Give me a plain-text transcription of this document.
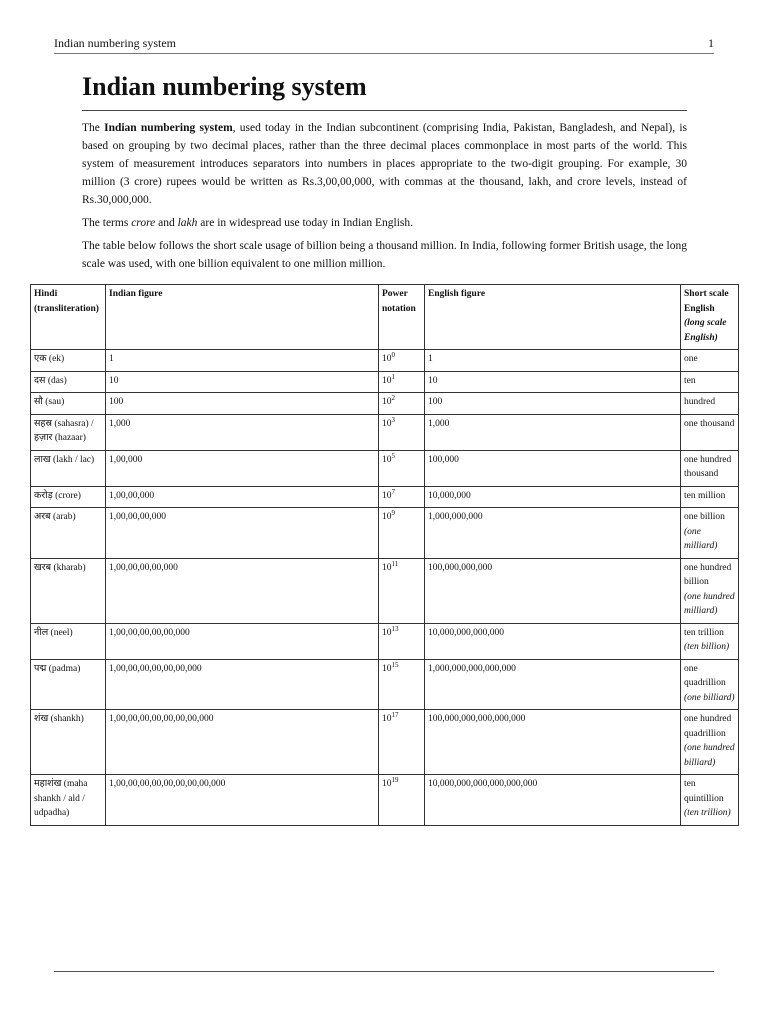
Indian numbering system	1
Indian numbering system

The Indian numbering system, used today in the Indian subcontinent (comprising India, Pakistan, Bangladesh, and Nepal), is based on grouping by two decimal places, rather than the three decimal places commonplace in most parts of the world. This system of measurement introduces separators into numbers in places appropriate to the two-digit grouping. For example, 30 million (3 crore) rupees would be written as Rs.3,00,00,000, with commas at the thousand, lakh, and crore levels, instead of Rs.30,000,000.

The terms crore and lakh are in widespread use today in Indian English.

The table below follows the short scale usage of billion being a thousand million. In India, following former British usage, the long scale was used, with one billion equivalent to one million million.

Hindi (transliteration)	Indian figure	Power notation	English figure	Short scale English
(long scale English)
एक (ek)	1	$10^0$	1	one
दस (das)	10	$10^1$	10	ten
सौ (sau)	100	$10^2$	100	hundred
सहस्र (sahasra) / हज़ार (hazaar)	1,000	$10^3$	1,000	one thousand
लाख (lakh / lac)	1,00,000	$10^5$	100,000	one hundred thousand
करोड़ (crore)	1,00,00,000	$10^7$	10,000,000	ten million
अरब (arab)	1,00,00,00,000	$10^9$	1,000,000,000	one billion
(one milliard)
खरब (kharab)	1,00,00,00,00,000	$10^{11}$	100,000,000,000	one hundred billion
(one hundred milliard)
नील (neel)	1,00,00,00,00,00,000	$10^{13}$	10,000,000,000,000	ten trillion
(ten billion)
पद्म (padma)	1,00,00,00,00,00,00,000	$10^{15}$	1,000,000,000,000,000	one quadrillion
(one billiard)
शंख (shankh)	1,00,00,00,00,00,00,00,000	$10^{17}$	100,000,000,000,000,000	one hundred quadrillion
(one hundred billiard)
महाशंख (maha shankh / ald / udpadha)	1,00,00,00,00,00,00,00,00,000	$10^{19}$	10,000,000,000,000,000,000	ten quintillion
(ten trillion)
